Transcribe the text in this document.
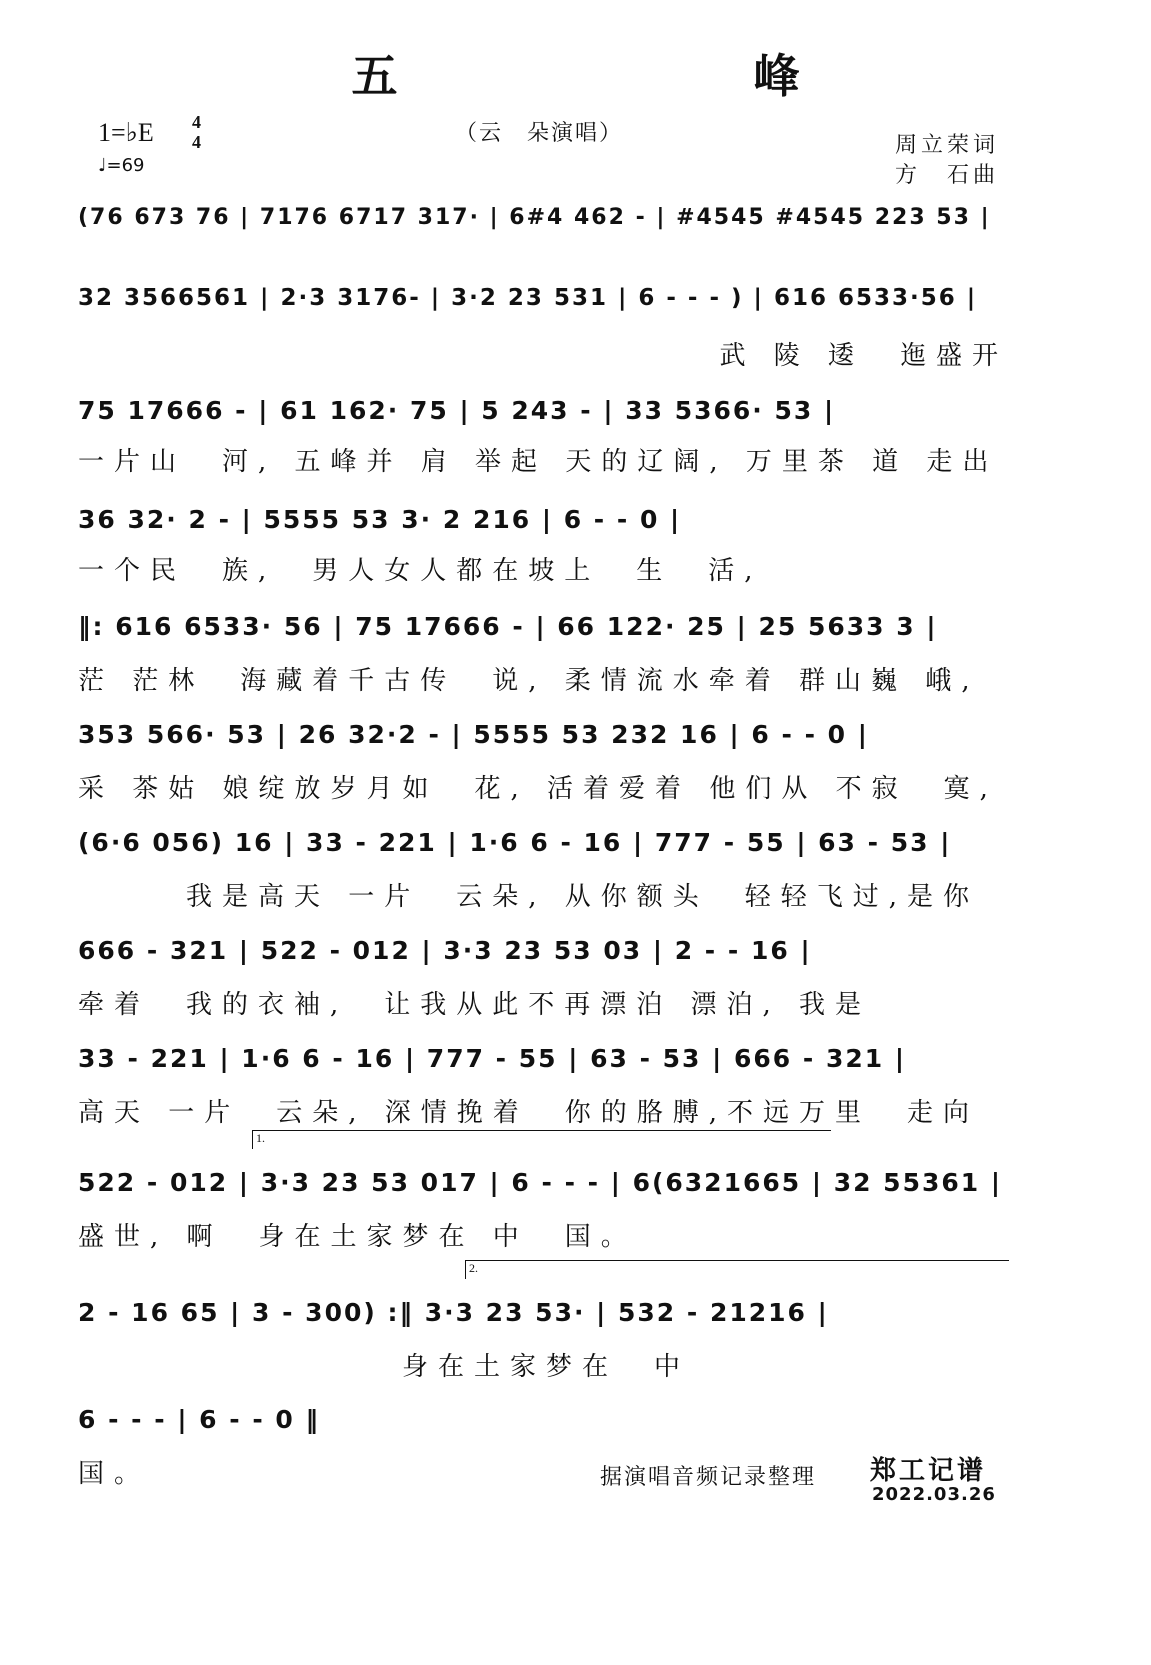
五 峰
1=♭E 4
4
♩=69
（云　朵演唱）	周立荣词
方　石曲
(76 673 76 | 7176 6717 317· | 6#4 462 - | #4545 #4545 223 53 |
32 3566561 | 2·3 3176- | 3·2 23 531 | 6 - - - ) | 616 6533·56 |
武 陵 逶　迤盛开
75 17666 - | 61 162· 75 | 5 243 - | 33 5366· 53 |
一片山　河, 五峰并 肩 举起 天的辽阔, 万里茶 道 走出
36 32· 2 - | 5555 53 3· 2 216 | 6 - - 0 |
一个民　族,　男人女人都在坡上　生　活,
‖: 616 6533· 56 | 75 17666 - | 66 122· 25 | 25 5633 3 |
茫 茫林　海藏着千古传　说, 柔情流水牵着 群山巍 峨,
353 566· 53 | 26 32·2 - | 5555 53 232 16 | 6 - - 0 |
采 茶姑 娘绽放岁月如　花, 活着爱着 他们从 不寂　寞,
(6·6 056) 16 | 33 - 221 | 1·6 6 - 16 | 777 - 55 | 63 - 53 |
　　　我是高天 一片　云朵, 从你额头　轻轻飞过,是你
666 - 321 | 522 - 012 | 3·3 23 53 03 | 2 - - 16 |
牵着　我的衣袖,　让我从此不再漂泊 漂泊, 我是
33 - 221 | 1·6 6 - 16 | 777 - 55 | 63 - 53 | 666 - 321 |
高天 一片　云朵, 深情挽着　你的胳膊,不远万里　走向
1.
522 - 012 | 3·3 23 53 017 | 6 - - - | 6(6321665 | 32 55361 |
盛世, 啊　身在土家梦在 中　国。
2.
2 - 16 65 | 3 - 300) :‖ 3·3 23 53· | 532 - 21216 |
　　　　　　　　　身在土家梦在　中
6 - - - | 6 - - 0 ‖
国。	据演唱音频记录整理 郑工记谱
2022.03.26
